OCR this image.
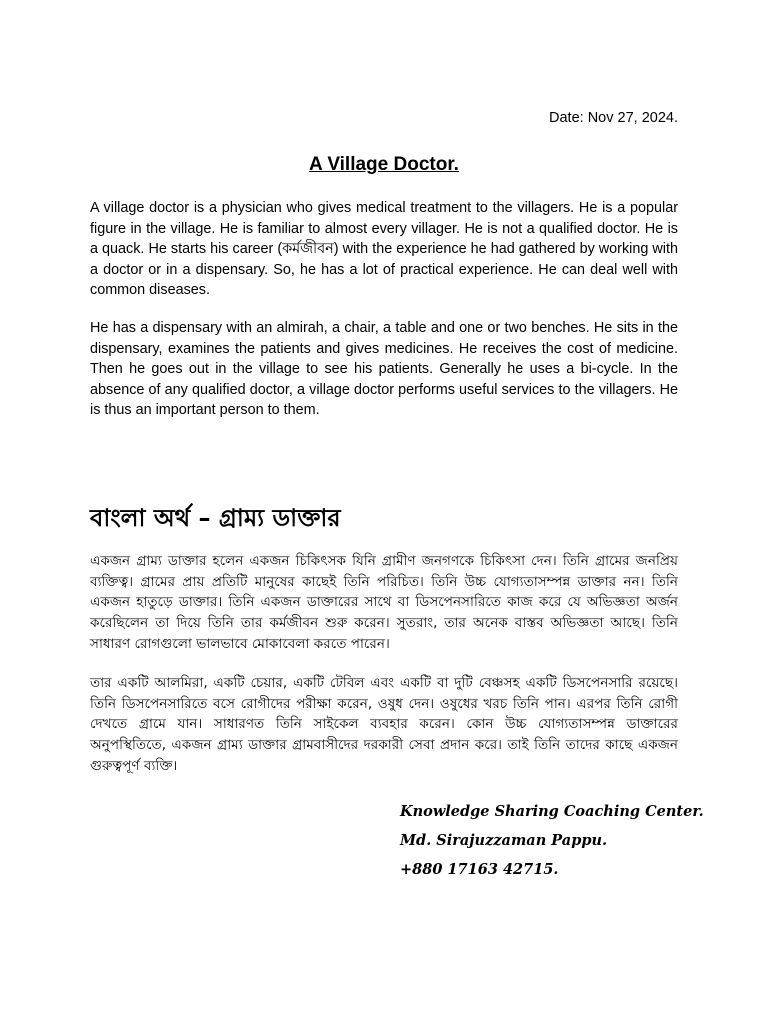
Date: Nov 27, 2024.
A Village Doctor.

A village doctor is a physician who gives medical treatment to the villagers. He is a popular figure in the village. He is familiar to almost every villager. He is not a qualified doctor. He is a quack. He starts his career (কর্মজীবন) with the experience he had gathered by working with a doctor or in a dispensary. So, he has a lot of practical experience. He can deal well with common diseases.

He has a dispensary with an almirah, a chair, a table and one or two benches. He sits in the dispensary, examines the patients and gives medicines. He receives the cost of medicine. Then he goes out in the village to see his patients. Generally he uses a bi-cycle. In the absence of any qualified doctor, a village doctor performs useful services to the villagers. He is thus an important person to them.

বাংলা অর্থ – গ্রাম্য ডাক্তার

একজন গ্রাম্য ডাক্তার হলেন একজন চিকিৎসক যিনি গ্রামীণ জনগণকে চিকিৎসা দেন। তিনি গ্রামের জনপ্রিয় ব্যক্তিত্ব। গ্রামের প্রায় প্রতিটি মানুষের কাছেই তিনি পরিচিত। তিনি উচ্চ যোগ্যতাসম্পন্ন ডাক্তার নন। তিনি একজন হাতুড়ে ডাক্তার। তিনি একজন ডাক্তারের সাথে বা ডিসপেনসারিতে কাজ করে যে অভিজ্ঞতা অর্জন করেছিলেন তা দিয়ে তিনি তার কর্মজীবন শুরু করেন। সুতরাং, তার অনেক বাস্তব অভিজ্ঞতা আছে। তিনি সাধারণ রোগগুলো ভালভাবে মোকাবেলা করতে পারেন।

তার একটি আলমিরা, একটি চেয়ার, একটি টেবিল এবং একটি বা দুটি বেঞ্চসহ একটি ডিসপেনসারি রয়েছে। তিনি ডিসপেনসারিতে বসে রোগীদের পরীক্ষা করেন, ওষুধ দেন। ওষুধের খরচ তিনি পান। এরপর তিনি রোগী দেখতে গ্রামে যান। সাধারণত তিনি সাইকেল ব্যবহার করেন। কোন উচ্চ যোগ্যতাসম্পন্ন ডাক্তারের অনুপস্থিতিতে, একজন গ্রাম্য ডাক্তার গ্রামবাসীদের দরকারী সেবা প্রদান করে। তাই তিনি তাদের কাছে একজন গুরুত্বপূর্ণ ব্যক্তি।

Knowledge Sharing Coaching Center.
Md. Sirajuzzaman Pappu.
+880 17163 42715.
